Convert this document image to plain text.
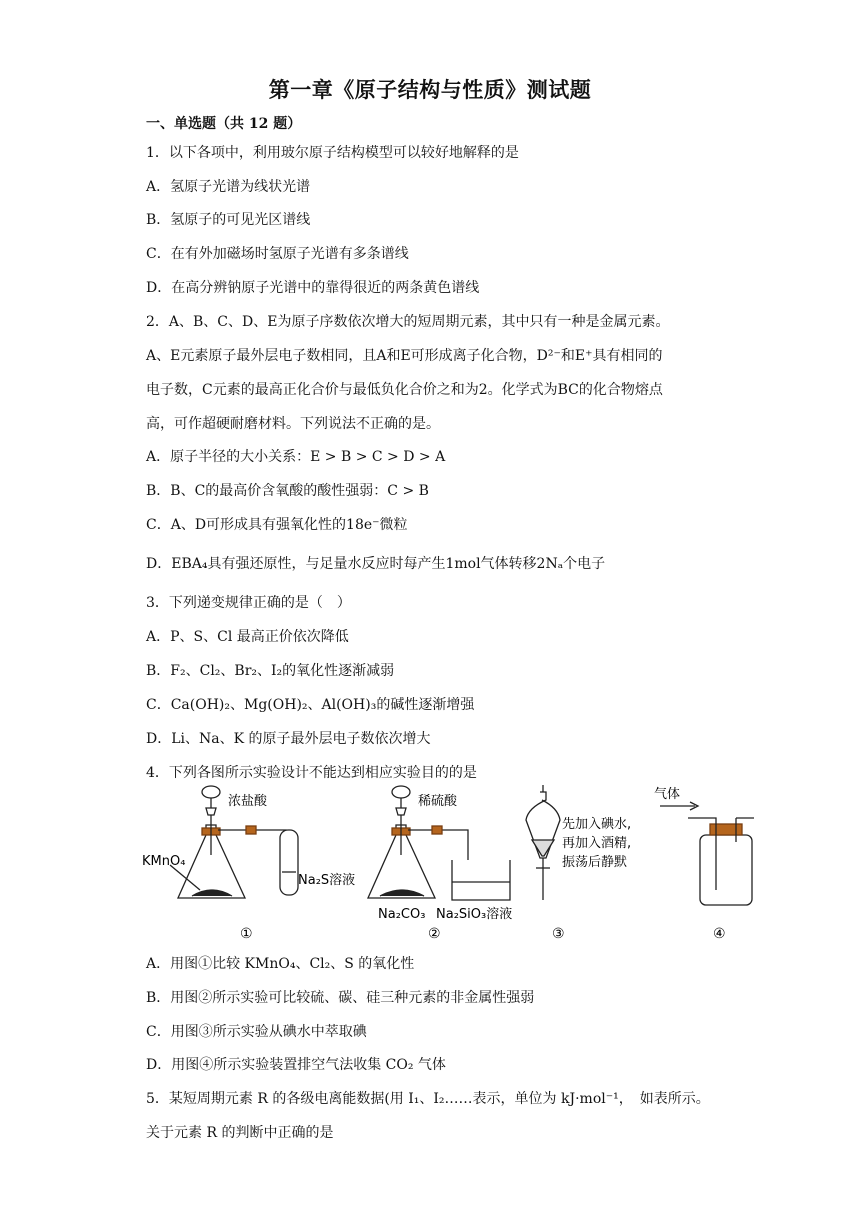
第一章《原子结构与性质》测试题
一、单选题（共 12 题）
1．以下各项中，利用玻尔原子结构模型可以较好地解释的是
A．氢原子光谱为线状光谱
B．氢原子的可见光区谱线
C．在有外加磁场时氢原子光谱有多条谱线
D．在高分辨钠原子光谱中的靠得很近的两条黄色谱线
2．A、B、C、D、E为原子序数依次增大的短周期元素，其中只有一种是金属元素。
A、E元素原子最外层电子数相同，且A和E可形成离子化合物，D²⁻和E⁺具有相同的
电子数，C元素的最高正化合价与最低负化合价之和为2。化学式为BC的化合物熔点
高，可作超硬耐磨材料。下列说法不正确的是。
A．原子半径的大小关系：E > B > C > D > A
B．B、C的最高价含氧酸的酸性强弱：C > B
C．A、D可形成具有强氧化性的18e⁻微粒
D．EBA₄具有强还原性，与足量水反应时每产生1mol气体转移2Nₐ个电子
3．下列递变规律正确的是（　）
A．P、S、Cl 最高正价依次降低
B．F₂、Cl₂、Br₂、I₂的氧化性逐渐减弱
C．Ca(OH)₂、Mg(OH)₂、Al(OH)₃的碱性逐渐增强
D．Li、Na、K 的原子最外层电子数依次增大
4．下列各图所示实验设计不能达到相应实验目的的是
浓盐酸
KMnO₄
Na₂S溶液
①
稀硫酸
Na₂CO₃ Na₂SiO₃溶液
②
先加入碘水,
再加入酒精,
振荡后静默
③
气体
④
A．用图①比较 KMnO₄、Cl₂、S 的氧化性
B．用图②所示实验可比较硫、碳、硅三种元素的非金属性强弱
C．用图③所示实验从碘水中萃取碘
D．用图④所示实验装置排空气法收集 CO₂ 气体
5．某短周期元素 R 的各级电离能数据(用 I₁、I₂……表示，单位为 kJ·mol⁻¹，　如表所示。
关于元素 R 的判断中正确的是
